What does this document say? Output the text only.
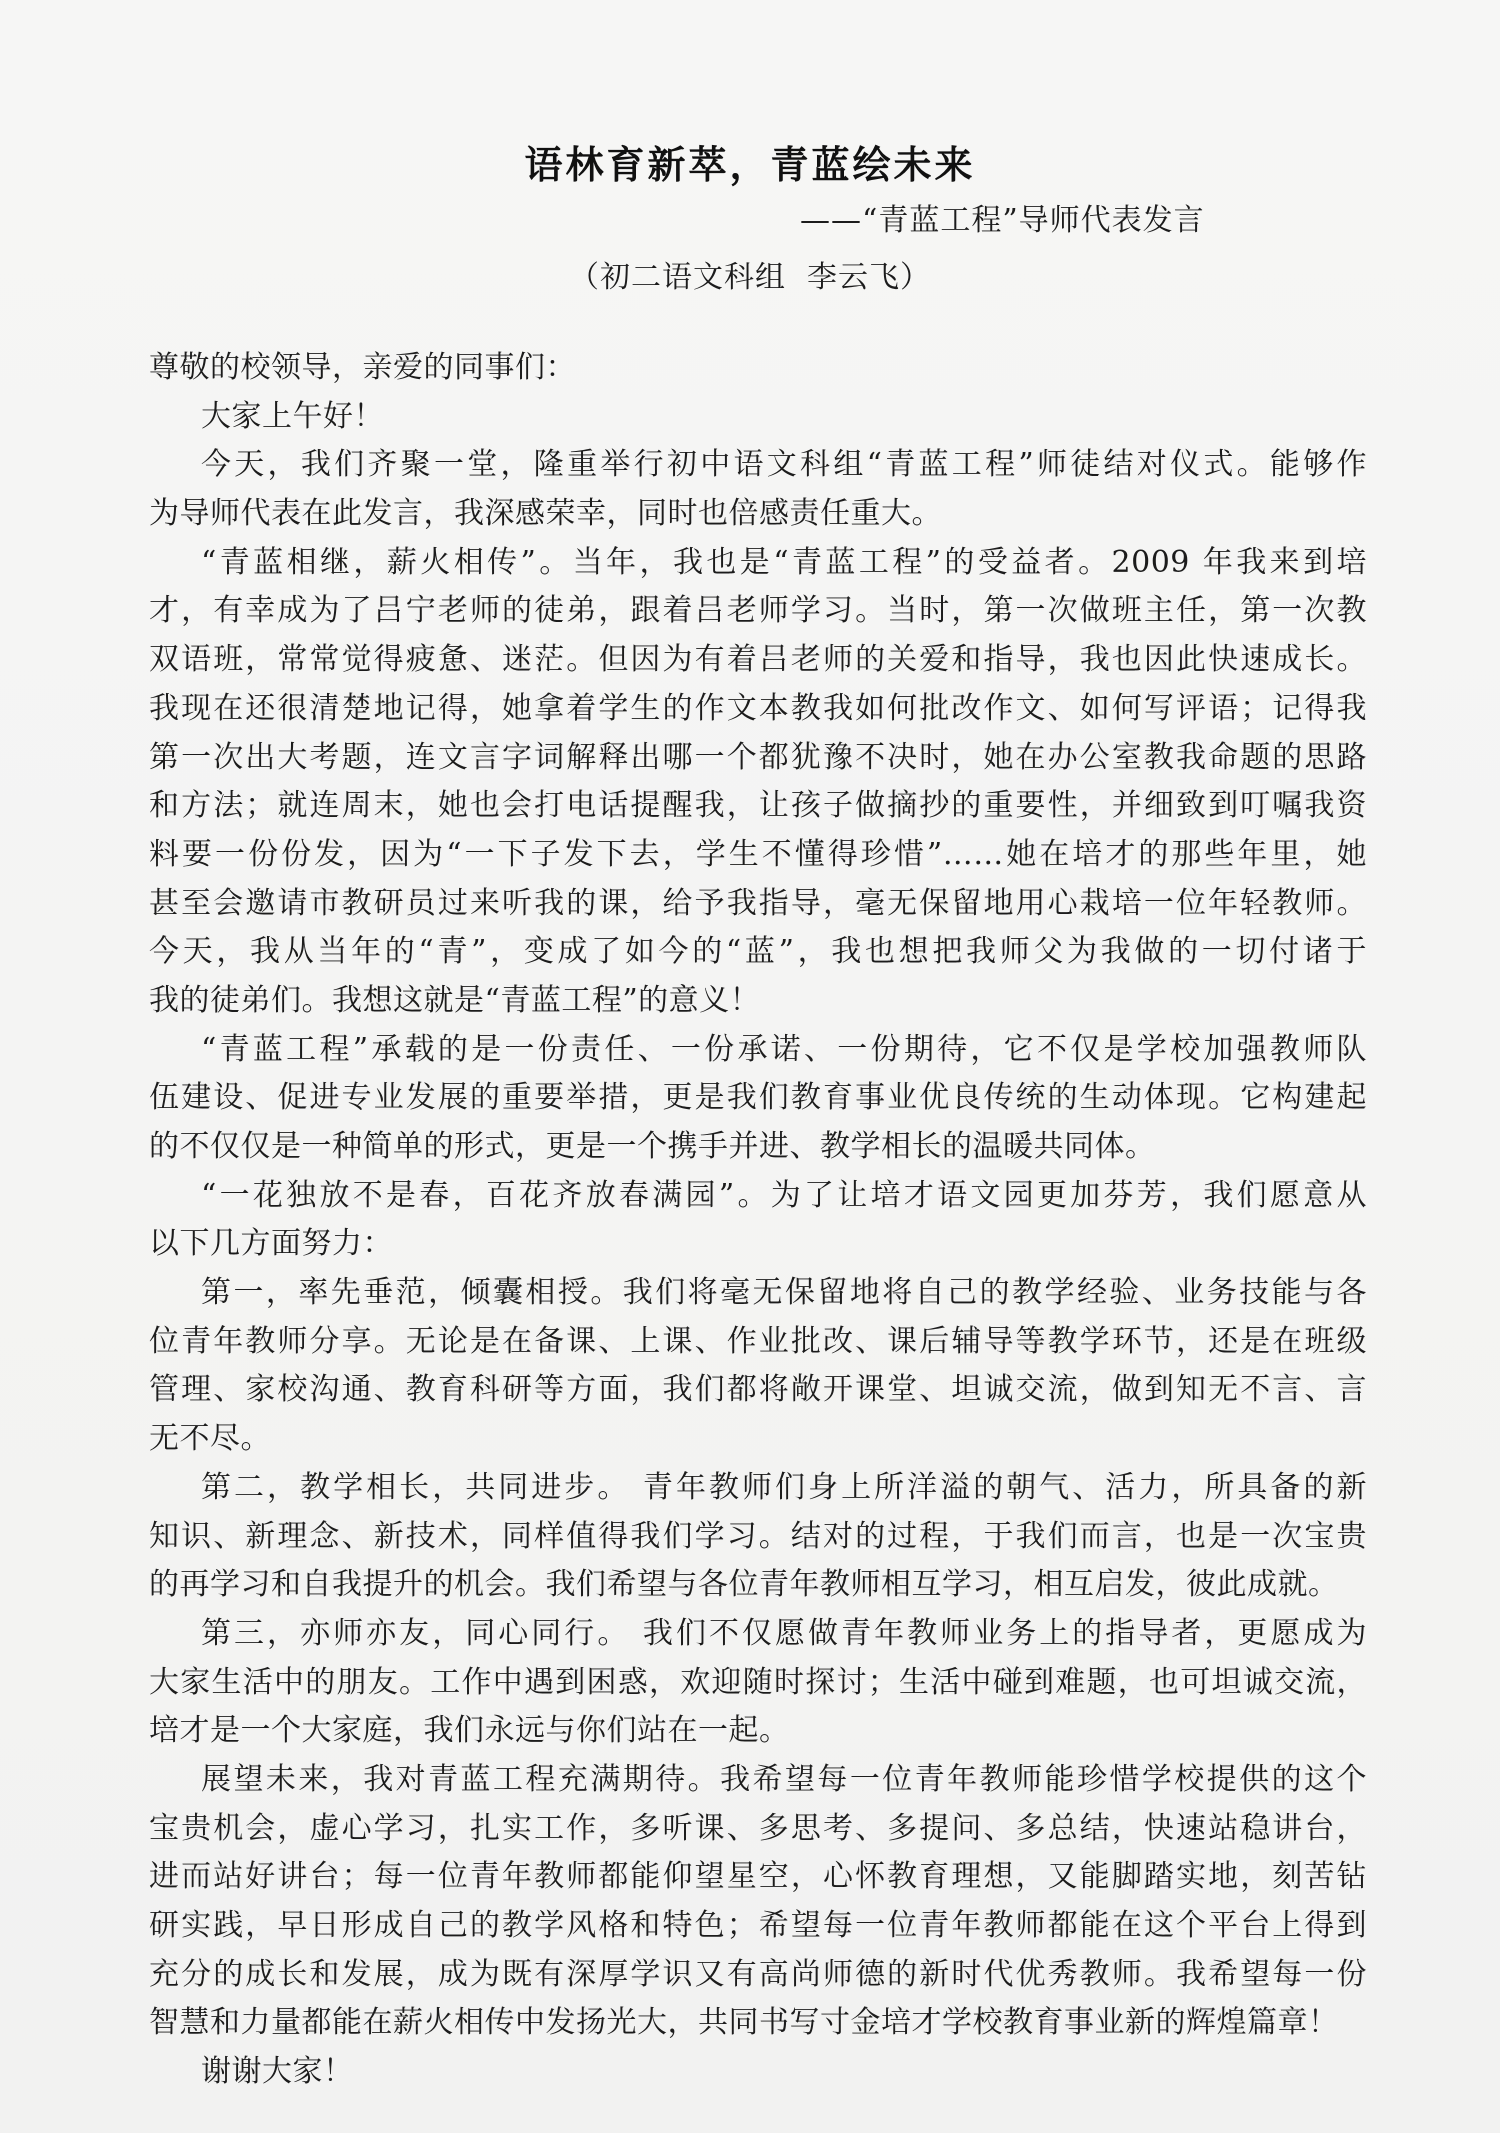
语林育新萃，青蓝绘未来
——“青蓝工程”导师代表发言
（初二语文科组  李云飞）
尊敬的校领导，亲爱的同事们：
大家上午好！
今天，我们齐聚一堂，隆重举行初中语文科组“青蓝工程”师徒结对仪式。能够作
为导师代表在此发言，我深感荣幸，同时也倍感责任重大。
“青蓝相继，薪火相传”。当年，我也是“青蓝工程”的受益者。2009 年我来到培
才，有幸成为了吕宁老师的徒弟，跟着吕老师学习。当时，第一次做班主任，第一次教
双语班，常常觉得疲惫、迷茫。但因为有着吕老师的关爱和指导，我也因此快速成长。
我现在还很清楚地记得，她拿着学生的作文本教我如何批改作文、如何写评语；记得我
第一次出大考题，连文言字词解释出哪一个都犹豫不决时，她在办公室教我命题的思路
和方法；就连周末，她也会打电话提醒我，让孩子做摘抄的重要性，并细致到叮嘱我资
料要一份份发，因为“一下子发下去，学生不懂得珍惜”……她在培才的那些年里，她
甚至会邀请市教研员过来听我的课，给予我指导，毫无保留地用心栽培一位年轻教师。
今天，我从当年的“青”，变成了如今的“蓝”，我也想把我师父为我做的一切付诸于
我的徒弟们。我想这就是“青蓝工程”的意义！
“青蓝工程”承载的是一份责任、一份承诺、一份期待，它不仅是学校加强教师队
伍建设、促进专业发展的重要举措，更是我们教育事业优良传统的生动体现。它构建起
的不仅仅是一种简单的形式，更是一个携手并进、教学相长的温暖共同体。
“一花独放不是春，百花齐放春满园”。为了让培才语文园更加芬芳，我们愿意从
以下几方面努力：
第一，率先垂范，倾囊相授。我们将毫无保留地将自己的教学经验、业务技能与各
位青年教师分享。无论是在备课、上课、作业批改、课后辅导等教学环节，还是在班级
管理、家校沟通、教育科研等方面，我们都将敞开课堂、坦诚交流，做到知无不言、言
无不尽。
第二，教学相长，共同进步。 青年教师们身上所洋溢的朝气、活力，所具备的新
知识、新理念、新技术，同样值得我们学习。结对的过程，于我们而言，也是一次宝贵
的再学习和自我提升的机会。我们希望与各位青年教师相互学习，相互启发，彼此成就。
第三，亦师亦友，同心同行。 我们不仅愿做青年教师业务上的指导者，更愿成为
大家生活中的朋友。工作中遇到困惑，欢迎随时探讨；生活中碰到难题，也可坦诚交流，
培才是一个大家庭，我们永远与你们站在一起。
展望未来，我对青蓝工程充满期待。我希望每一位青年教师能珍惜学校提供的这个
宝贵机会，虚心学习，扎实工作，多听课、多思考、多提问、多总结，快速站稳讲台，
进而站好讲台；每一位青年教师都能仰望星空，心怀教育理想，又能脚踏实地，刻苦钻
研实践，早日形成自己的教学风格和特色；希望每一位青年教师都能在这个平台上得到
充分的成长和发展，成为既有深厚学识又有高尚师德的新时代优秀教师。我希望每一份
智慧和力量都能在薪火相传中发扬光大，共同书写寸金培才学校教育事业新的辉煌篇章！
谢谢大家！
